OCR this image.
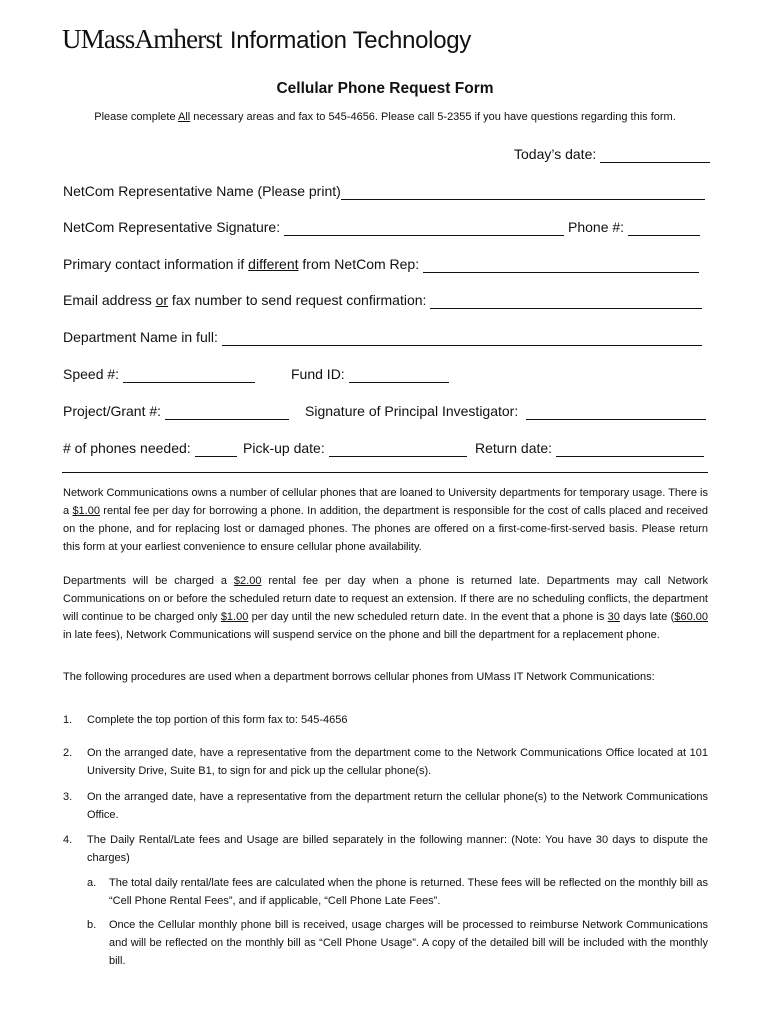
UMassAmherst Information Technology
Cellular Phone Request Form
Please complete All necessary areas and fax to 545-4656. Please call 5-2355 if you have questions regarding this form.
Today’s date:
NetCom Representative Name (Please print)
NetCom Representative Signature:	Phone #:
Primary contact information if different from NetCom Rep:
Email address or fax number to send request confirmation:
Department Name in full:
Speed #:	Fund ID:
Project/Grant #:	Signature of Principal Investigator:
# of phones needed:	Pick-up date:	Return date:
Network Communications owns a number of cellular phones that are loaned to University departments for temporary usage. There is a $1.00 rental fee per day for borrowing a phone. In addition, the department is responsible for the cost of calls placed and received on the phone, and for replacing lost or damaged phones. The phones are offered on a first-come-first-served basis. Please return this form at your earliest convenience to ensure cellular phone availability.
Departments will be charged a $2.00 rental fee per day when a phone is returned late. Departments may call Network Communications on or before the scheduled return date to request an extension. If there are no scheduling conflicts, the department will continue to be charged only $1.00 per day until the new scheduled return date. In the event that a phone is 30 days late ($60.00 in late fees), Network Communications will suspend service on the phone and bill the department for a replacement phone.
The following procedures are used when a department borrows cellular phones from UMass IT Network Communications:
1. Complete the top portion of this form fax to: 545-4656
2. On the arranged date, have a representative from the department come to the Network Communications Office located at 101 University Drive, Suite B1, to sign for and pick up the cellular phone(s).
3. On the arranged date, have a representative from the department return the cellular phone(s) to the Network Communications Office.
4. The Daily Rental/Late fees and Usage are billed separately in the following manner: (Note: You have 30 days to dispute the charges)
a. The total daily rental/late fees are calculated when the phone is returned. These fees will be reflected on the monthly bill as “Cell Phone Rental Fees”, and if applicable, “Cell Phone Late Fees”.
b. Once the Cellular monthly phone bill is received, usage charges will be processed to reimburse Network Communications and will be reflected on the monthly bill as “Cell Phone Usage”. A copy of the detailed bill will be included with the monthly bill.
